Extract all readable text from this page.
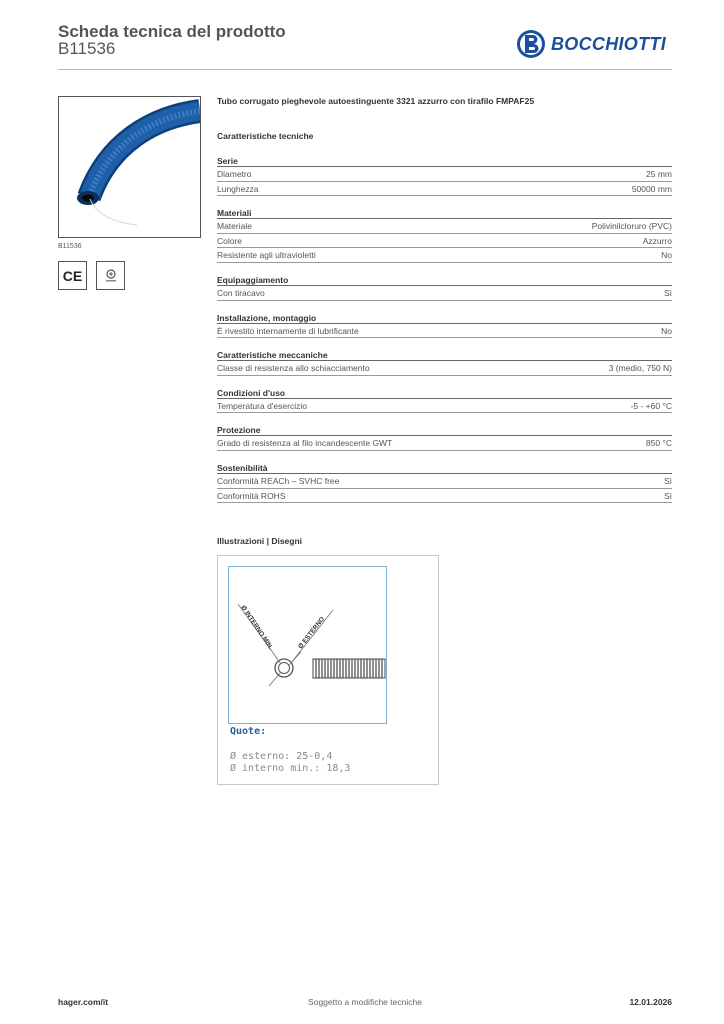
Scheda tecnica del prodotto
B11536	BOCCHIOTTI
B11536
CE
Tubo corrugato pieghevole autoestinguente 3321 azzurro con tirafilo FMPAF25
Caratteristiche tecniche
Serie
Diametro	25 mm
Lunghezza	50000 mm
Materiali
Materiale	Polivinilcloruro (PVC)
Colore	Azzurro
Resistente agli ultravioletti	No
Equipaggiamento
Con tiracavo	Sì
Installazione, montaggio
È rivestito internamente di lubrificante	No
Caratteristiche meccaniche
Classe di resistenza allo schiacciamento	3 (medio, 750 N)
Condizioni d'uso
Temperatura d'esercizio	-5 - +60 °C
Protezione
Grado di resistenza al filo incandescente GWT	850 °C
Sostenibilità
Conformità REACh – SVHC free	Sì
Conformità ROHS	Sì
Illustrazioni | Disegni
Ø INTERNO MIN.	Ø ESTERNO
Quote:
Ø esterno: 25-0,4
Ø interno min.: 18,3
Soggetto a modifiche tecniche
hager.com/it	12.01.2026
